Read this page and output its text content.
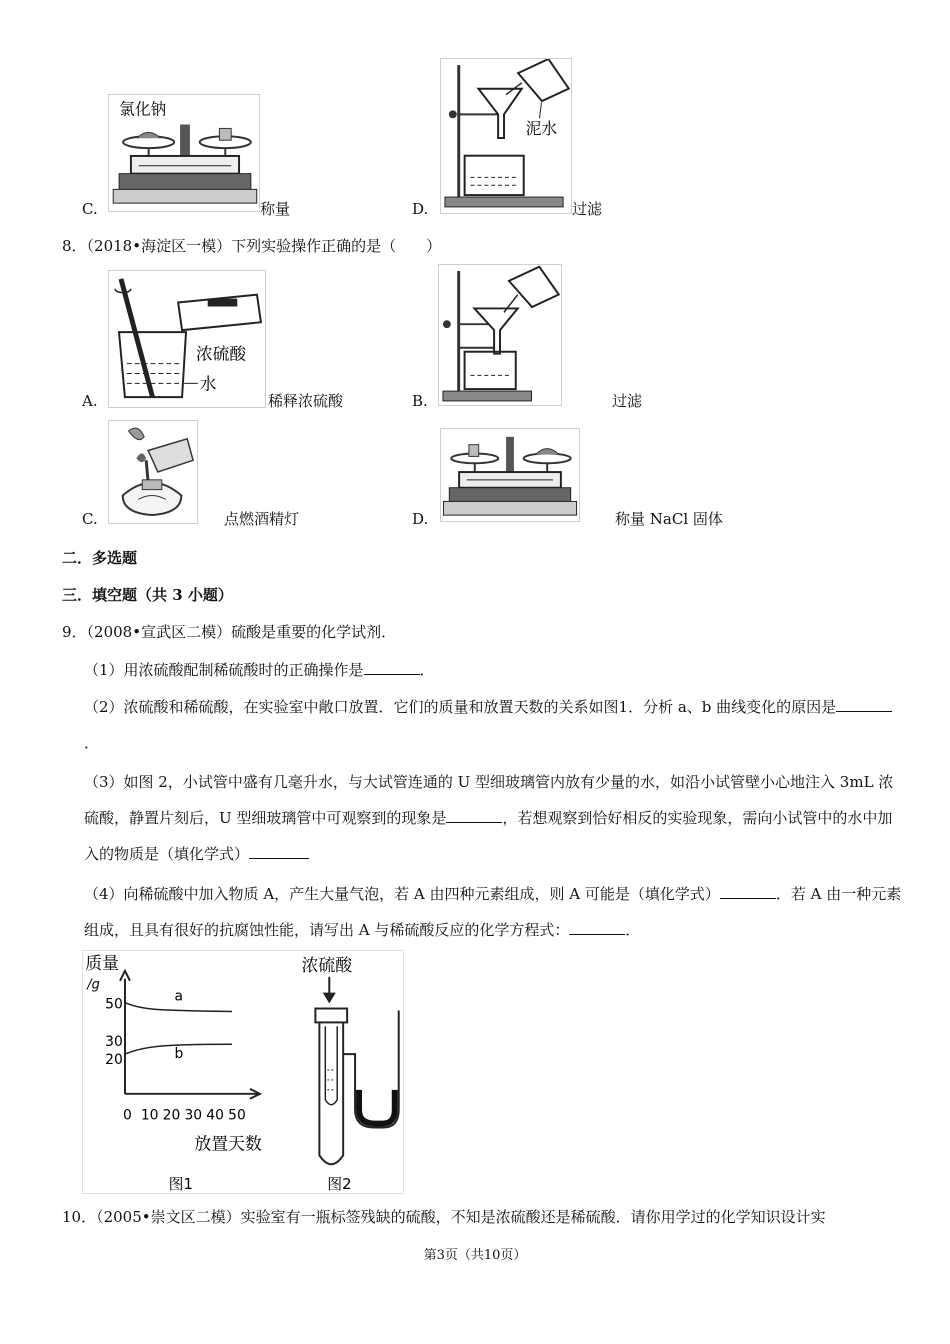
氯化钠
C.	称量
泥水
D.	过滤
8．（2018•海淀区一模）下列实验操作正确的是（　　）
浓硫酸
水
A.	稀释浓硫酸	B.	过滤
C.	点燃酒精灯	D.	称量 NaCl 固体
二．多选题
三．填空题（共 3 小题）
9．（2008•宣武区二模）硫酸是重要的化学试剂．
（1）用浓硫酸配制稀硫酸时的正确操作是	．
（2）浓硫酸和稀硫酸，在实验室中敞口放置．它们的质量和放置天数的关系如图1．分析 a、b 曲线变化的原因是．
（3）如图 2，小试管中盛有几毫升水，与大试管连通的 U 型细玻璃管内放有少量的水，如沿小试管壁小心地注入 3mL 浓硫酸，静置片刻后，U 型细玻璃管中可观察到的现象是	，若想观察到恰好相反的实验现象，需向小试管中的水中加入的物质是（填化学式）
（4）向稀硫酸中加入物质 A，产生大量气泡，若 A 由四种元素组成，则 A 可能是（填化学式）	．若 A 由一种元素组成，且具有很好的抗腐蚀性能，请写出 A 与稀硫酸反应的化学方程式：	．
质量
/g
50
30
20
a
b
0 10 20 30 40 50
放置天数
图1
浓硫酸
图2
10．（2005•崇文区二模）实验室有一瓶标签残缺的硫酸，不知是浓硫酸还是稀硫酸．请你用学过的化学知识设计实
第3页（共10页）
